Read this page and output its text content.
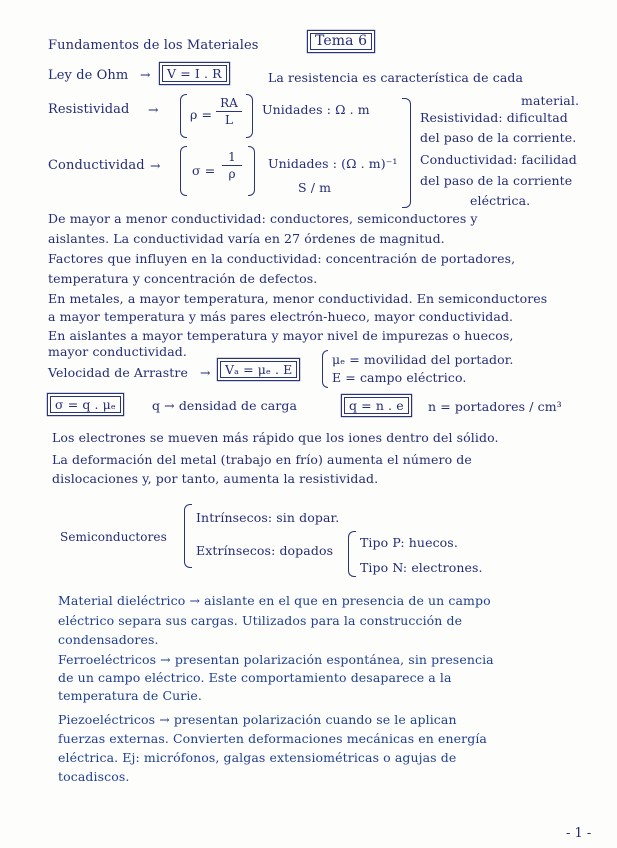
Fundamentos de los Materiales	Tema 6
Ley de Ohm →	V = I . R	La resistencia es característica de cada
material.
Resistividad →	ρ =
RA
L
Unidades : Ω . m
Resistividad: dificultad
del paso de la corriente.
Conductividad: facilidad
del paso de la corriente
eléctrica.
Conductividad →	σ =
1
ρ
Unidades : (Ω . m)⁻¹
S / m
De mayor a menor conductividad: conductores, semiconductores y
aislantes. La conductividad varía en 27 órdenes de magnitud.
Factores que influyen en la conductividad: concentración de portadores,
temperatura y concentración de defectos.
En metales, a mayor temperatura, menor conductividad. En semiconductores
a mayor temperatura y más pares electrón-hueco, mayor conductividad.
En aislantes a mayor temperatura y mayor nivel de impurezas o huecos,
mayor conductividad.
Velocidad de Arrastre →	Vₐ = μₑ . E
μₑ = movilidad del portador.
E = campo eléctrico.
σ = q . μₑ	q → densidad de carga	q = n . e	n = portadores / cm³
Los electrones se mueven más rápido que los iones dentro del sólido.
La deformación del metal (trabajo en frío) aumenta el número de
dislocaciones y, por tanto, aumenta la resistividad.
Semiconductores
Intrínsecos: sin dopar.
Extrínsecos: dopados
Tipo P: huecos.
Tipo N: electrones.
Material dieléctrico → aislante en el que en presencia de un campo
eléctrico separa sus cargas. Utilizados para la construcción de
condensadores.
Ferroeléctricos → presentan polarización espontánea, sin presencia
de un campo eléctrico. Este comportamiento desaparece a la
temperatura de Curie.
Piezoeléctricos → presentan polarización cuando se le aplican
fuerzas externas. Convierten deformaciones mecánicas en energía
eléctrica. Ej: micrófonos, galgas extensiométricas o agujas de
tocadiscos.
- 1 -
